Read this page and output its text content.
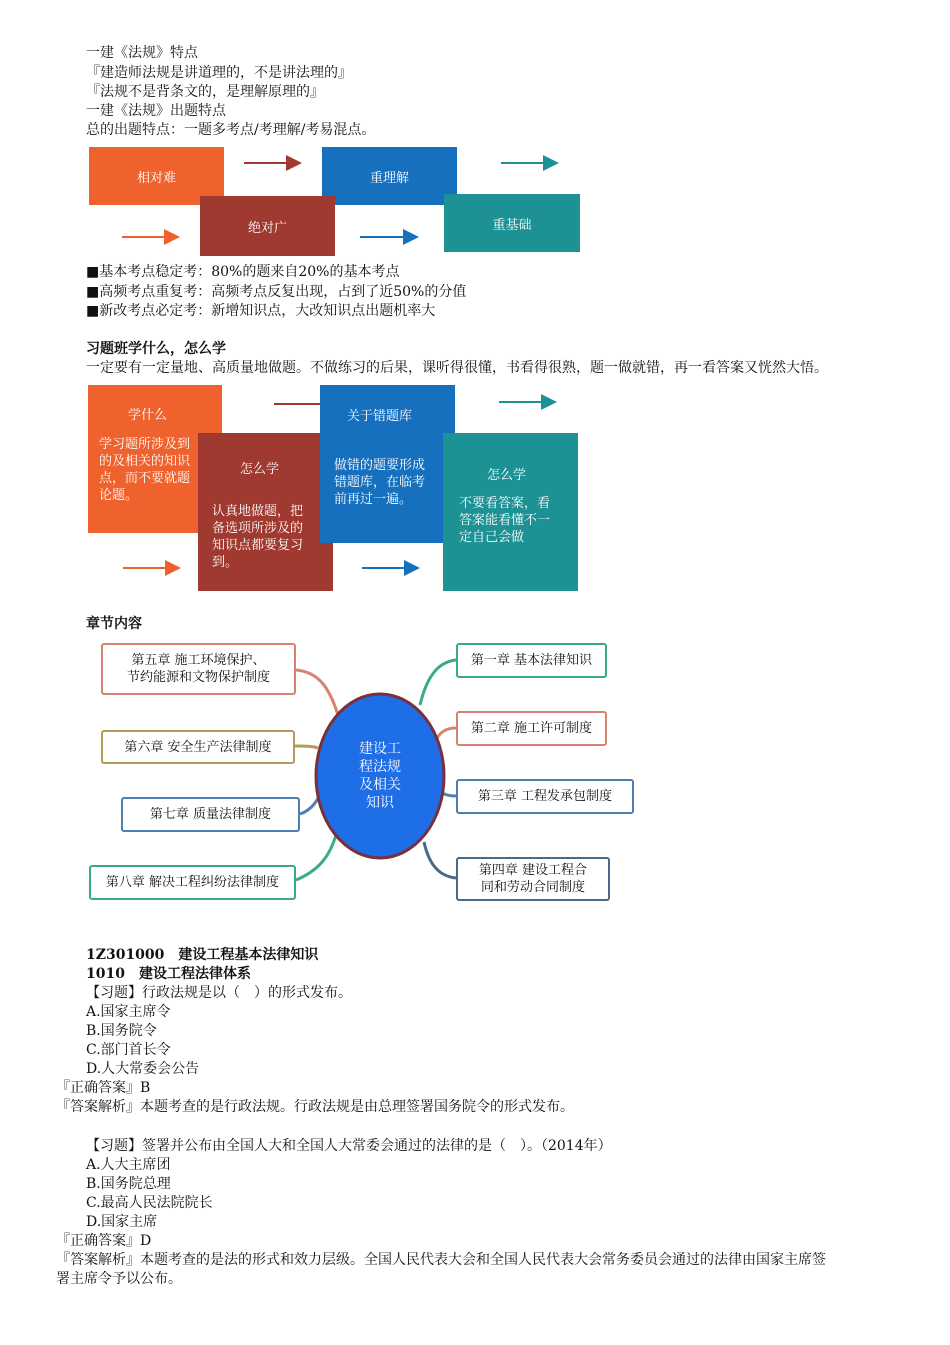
一建《法规》特点
『建造师法规是讲道理的，不是讲法理的』
『法规不是背条文的，是理解原理的』
一建《法规》出题特点
总的出题特点：一题多考点/考理解/考易混点。
相对难	重理解
绝对广	重基础
■基本考点稳定考：80%的题来自20%的基本考点
■高频考点重复考：高频考点反复出现，占到了近50%的分值
■新改考点必定考：新增知识点，大改知识点出题机率大
习题班学什么，怎么学
一定要有一定量地、高质量地做题。不做练习的后果，课听得很懂，书看得很熟，题一做就错，再一看答案又恍然大悟。
学什么
学习题所涉及到
的及相关的知识
点，而不要就题
论题。
怎么学
认真地做题，把
备选项所涉及的
知识点都要复习
到。
关于错题库
做错的题要形成
错题库，在临考
前再过一遍。
怎么学
不要看答案，看
答案能看懂不一
定自己会做
章节内容
建设工
程法规
及相关
知识
第五章 施工环境保护、
节约能源和文物保护制度
第六章 安全生产法律制度
第七章 质量法律制度
第八章 解决工程纠纷法律制度
第一章 基本法律知识
第二章 施工许可制度
第三章 工程发承包制度
第四章 建设工程合
同和劳动合同制度
1Z301000　建设工程基本法律知识
1010　建设工程法律体系
【习题】行政法规是以（　）的形式发布。
A.国家主席令
B.国务院令
C.部门首长令
D.人大常委会公告
『正确答案』B
『答案解析』本题考查的是行政法规。行政法规是由总理签署国务院令的形式发布。
【习题】签署并公布由全国人大和全国人大常委会通过的法律的是（　）。（2014年）
A.人大主席团
B.国务院总理
C.最高人民法院院长
D.国家主席
『正确答案』D
『答案解析』本题考查的是法的形式和效力层级。全国人民代表大会和全国人民代表大会常务委员会通过的法律由国家主席签
署主席令予以公布。
